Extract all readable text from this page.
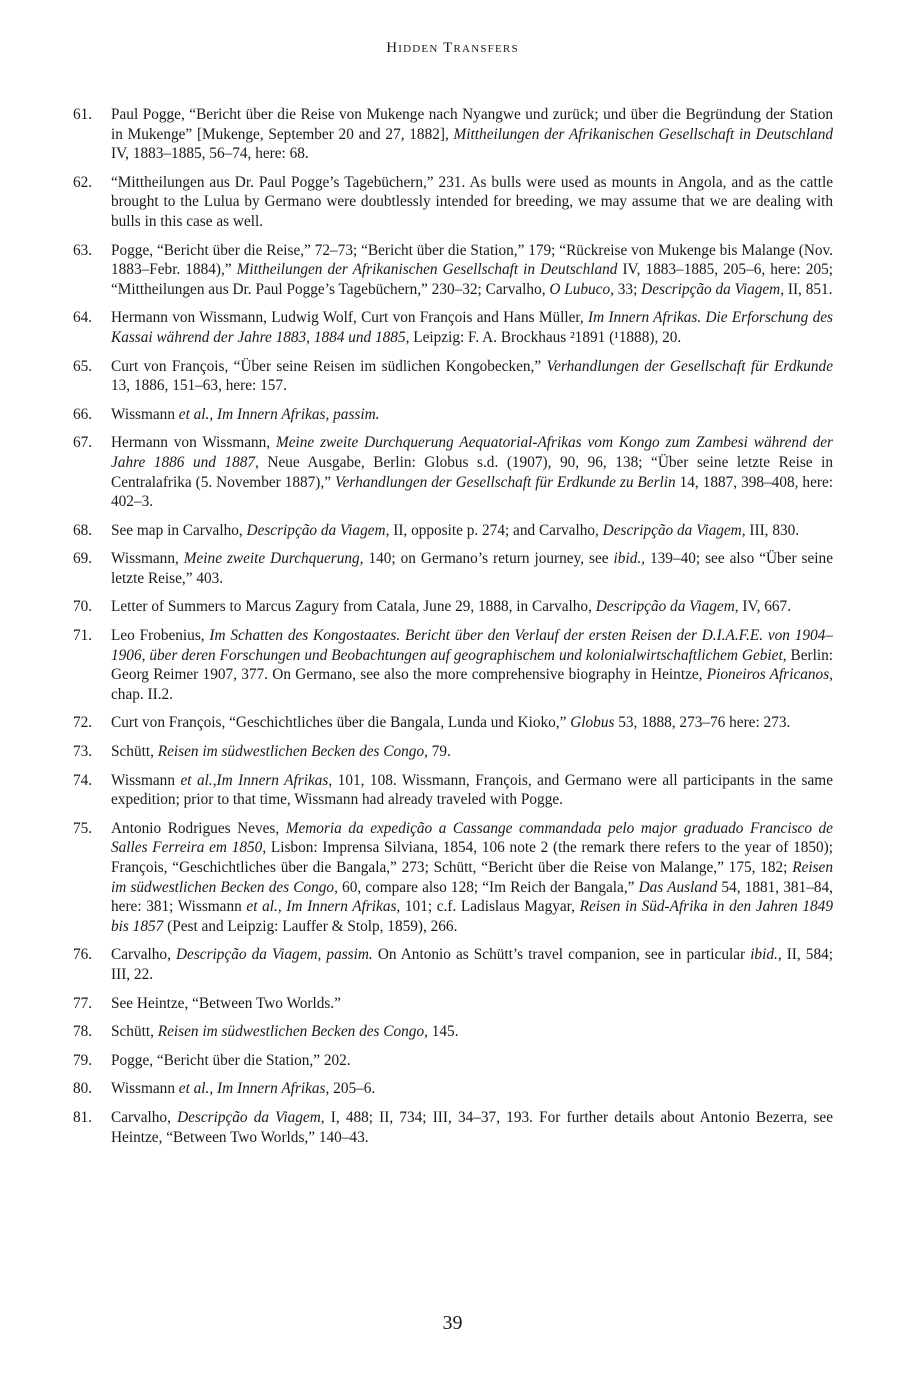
Hidden Transfers
61.	Paul Pogge, “Bericht über die Reise von Mukenge nach Nyangwe und zurück; und über die Begründung der Station in Mukenge” [Mukenge, September 20 and 27, 1882], Mittheilungen der Afrikanischen Gesellschaft in Deutschland IV, 1883–1885, 56–74, here: 68.
62.	“Mittheilungen aus Dr. Paul Pogge’s Tagebüchern,” 231. As bulls were used as mounts in Angola, and as the cattle brought to the Lulua by Germano were doubtlessly intended for breeding, we may assume that we are dealing with bulls in this case as well.
63.	Pogge, “Bericht über die Reise,” 72–73; “Bericht über die Station,” 179; “Rückreise von Mukenge bis Malange (Nov. 1883–Febr. 1884),” Mittheilungen der Afrikanischen Gesellschaft in Deutschland IV, 1883–1885, 205–6, here: 205; “Mittheilungen aus Dr. Paul Pogge’s Tagebüchern,” 230–32; Carvalho, O Lubuco, 33; Descripção da Viagem, II, 851.
64.	Hermann von Wissmann, Ludwig Wolf, Curt von François and Hans Müller, Im Innern Afrikas. Die Erforschung des Kassai während der Jahre 1883, 1884 und 1885, Leipzig: F. A. Brockhaus ²1891 (¹1888), 20.
65.	Curt von François, “Über seine Reisen im südlichen Kongobecken,” Verhandlungen der Gesellschaft für Erdkunde 13, 1886, 151–63, here: 157.
66.	Wissmann et al., Im Innern Afrikas, passim.
67.	Hermann von Wissmann, Meine zweite Durchquerung Aequatorial-Afrikas vom Kongo zum Zambesi während der Jahre 1886 und 1887, Neue Ausgabe, Berlin: Globus s.d. (1907), 90, 96, 138; “Über seine letzte Reise in Centralafrika (5. November 1887),” Verhandlungen der Gesellschaft für Erdkunde zu Berlin 14, 1887, 398–408, here: 402–3.
68.	See map in Carvalho, Descripção da Viagem, II, opposite p. 274; and Carvalho, Descripção da Viagem, III, 830.
69.	Wissmann, Meine zweite Durchquerung, 140; on Germano’s return journey, see ibid., 139–40; see also “Über seine letzte Reise,” 403.
70.	Letter of Summers to Marcus Zagury from Catala, June 29, 1888, in Carvalho, Descripção da Viagem, IV, 667.
71.	Leo Frobenius, Im Schatten des Kongostaates. Bericht über den Verlauf der ersten Reisen der D.I.A.F.E. von 1904–1906, über deren Forschungen und Beobachtungen auf geographischem und kolonialwirtschaftlichem Gebiet, Berlin: Georg Reimer 1907, 377. On Germano, see also the more comprehensive biography in Heintze, Pioneiros Africanos, chap. II.2.
72.	Curt von François, “Geschichtliches über die Bangala, Lunda und Kioko,” Globus 53, 1888, 273–76 here: 273.
73.	Schütt, Reisen im südwestlichen Becken des Congo, 79.
74.	Wissmann et al.,Im Innern Afrikas, 101, 108. Wissmann, François, and Germano were all participants in the same expedition; prior to that time, Wissmann had already traveled with Pogge.
75.	Antonio Rodrigues Neves, Memoria da expedição a Cassange commandada pelo major graduado Francisco de Salles Ferreira em 1850, Lisbon: Imprensa Silviana, 1854, 106 note 2 (the remark there refers to the year of 1850); François, “Geschichtliches über die Bangala,” 273; Schütt, “Bericht über die Reise von Malange,” 175, 182; Reisen im südwestlichen Becken des Congo, 60, compare also 128; “Im Reich der Bangala,” Das Ausland 54, 1881, 381–84, here: 381; Wissmann et al., Im Innern Afrikas, 101; c.f. Ladislaus Magyar, Reisen in Süd-Afrika in den Jahren 1849 bis 1857 (Pest and Leipzig: Lauffer & Stolp, 1859), 266.
76.	Carvalho, Descripção da Viagem, passim. On Antonio as Schütt’s travel companion, see in particular ibid., II, 584; III, 22.
77.	See Heintze, “Between Two Worlds.”
78.	Schütt, Reisen im südwestlichen Becken des Congo, 145.
79.	Pogge, “Bericht über die Station,” 202.
80.	Wissmann et al., Im Innern Afrikas, 205–6.
81.	Carvalho, Descripção da Viagem, I, 488; II, 734; III, 34–37, 193. For further details about Antonio Bezerra, see Heintze, “Between Two Worlds,” 140–43.
39
